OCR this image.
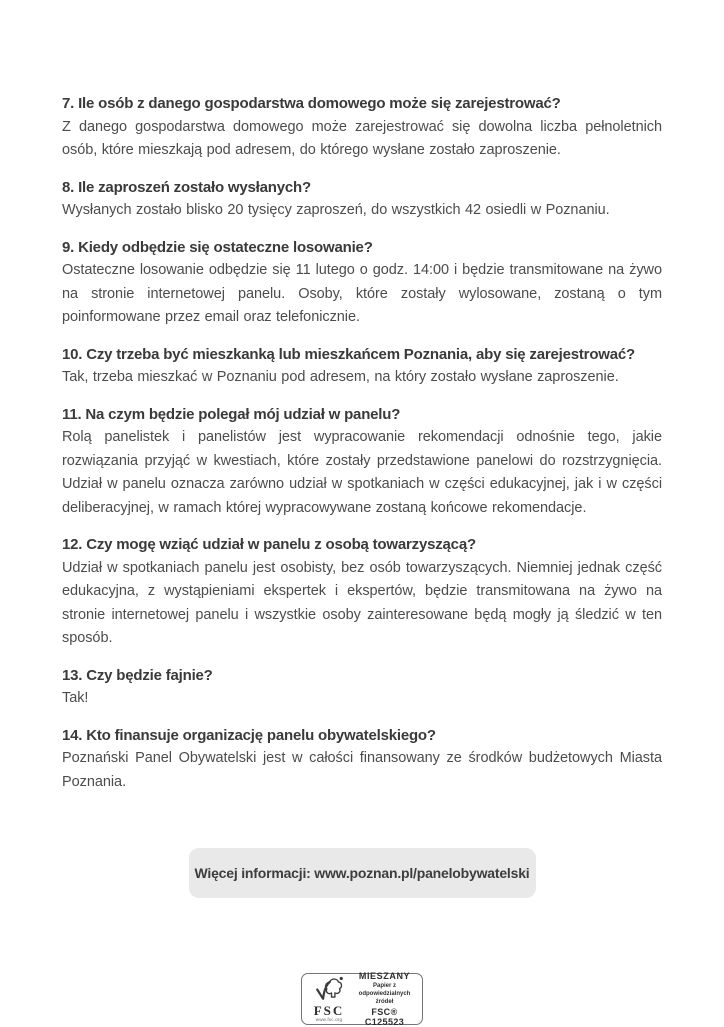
7. Ile osób z danego gospodarstwa domowego może się zarejestrować?

Z danego gospodarstwa domowego może zarejestrować się dowolna liczba pełnoletnich osób, które mieszkają pod adresem, do którego wysłane zostało zaproszenie.

8. Ile zaproszeń zostało wysłanych?

Wysłanych zostało blisko 20 tysięcy zaproszeń, do wszystkich 42 osiedli w Poznaniu.

9. Kiedy odbędzie się ostateczne losowanie?

Ostateczne losowanie odbędzie się 11 lutego o godz. 14:00 i będzie transmitowane na żywo na stronie internetowej panelu. Osoby, które zostały wylosowane, zostaną o tym poinformowane przez email oraz telefonicznie.

10. Czy trzeba być mieszkanką lub mieszkańcem Poznania, aby się zarejestrować?

Tak, trzeba mieszkać w Poznaniu pod adresem, na który zostało wysłane zaproszenie.

11. Na czym będzie polegał mój udział w panelu?

Rolą panelistek i panelistów jest wypracowanie rekomendacji odnośnie tego, jakie rozwiązania przyjąć w kwestiach, które zostały przedstawione panelowi do rozstrzygnięcia. Udział w panelu oznacza zarówno udział w spotkaniach w części edukacyjnej, jak i w części deliberacyjnej, w ramach której wypracowywane zostaną końcowe rekomendacje.

12. Czy mogę wziąć udział w panelu z osobą towarzyszącą?

Udział w spotkaniach panelu jest osobisty, bez osób towarzyszących. Niemniej jednak część edukacyjna, z wystąpieniami ekspertek i ekspertów, będzie transmitowana na żywo na stronie internetowej panelu i wszystkie osoby zainteresowane będą mogły ją śledzić w ten sposób.

13. Czy będzie fajnie?

Tak!

14. Kto finansuje organizację panelu obywatelskiego?

Poznański Panel Obywatelski jest w całości finansowany ze środków budżetowych Miasta Poznania.

Więcej informacji: www.poznan.pl/panelobywatelski
FSC
www.fsc.org
MIESZANY
Papier z odpowiedzialnych źródeł
FSC® C125523
